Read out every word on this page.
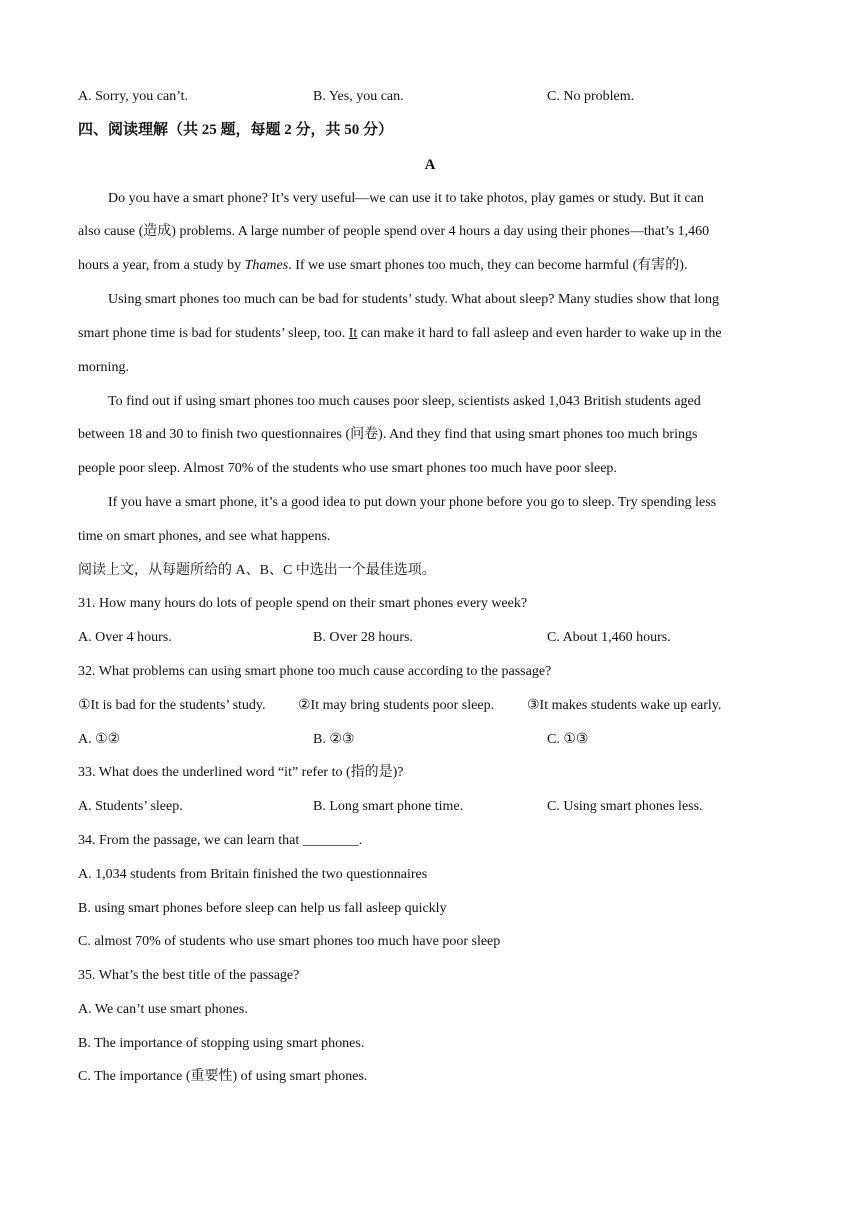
A. Sorry, you can’t.	B. Yes, you can.	C. No problem.
四、阅读理解（共 25 题，每题 2 分，共 50 分）
A
Do you have a smart phone? It’s very useful—we can use it to take photos, play games or study. But it can
also cause (造成) problems. A large number of people spend over 4 hours a day using their phones—that’s 1,460
hours a year, from a study by Thames. If we use smart phones too much, they can become harmful (有害的).
Using smart phones too much can be bad for students’ study. What about sleep? Many studies show that long
smart phone time is bad for students’ sleep, too. It can make it hard to fall asleep and even harder to wake up in the
morning.
To find out if using smart phones too much causes poor sleep, scientists asked 1,043 British students aged
between 18 and 30 to finish two questionnaires (问卷). And they find that using smart phones too much brings
people poor sleep. Almost 70% of the students who use smart phones too much have poor sleep.
If you have a smart phone, it’s a good idea to put down your phone before you go to sleep. Try spending less
time on smart phones, and see what happens.
阅读上文，从每题所给的 A、B、C 中选出一个最佳选项。
31. How many hours do lots of people spend on their smart phones every week?
A. Over 4 hours.	B. Over 28 hours.	C. About 1,460 hours.
32. What problems can using smart phone too much cause according to the passage?
①It is bad for the students’ study. ②It may bring students poor sleep. ③It makes students wake up early.
A. ①②	B. ②③	C. ①③
33. What does the underlined word “it” refer to (指的是)?
A. Students’ sleep.	B. Long smart phone time.	C. Using smart phones less.
34. From the passage, we can learn that ________.
A. 1,034 students from Britain finished the two questionnaires
B. using smart phones before sleep can help us fall asleep quickly
C. almost 70% of students who use smart phones too much have poor sleep
35. What’s the best title of the passage?
A. We can’t use smart phones.
B. The importance of stopping using smart phones.
C. The importance (重要性) of using smart phones.
